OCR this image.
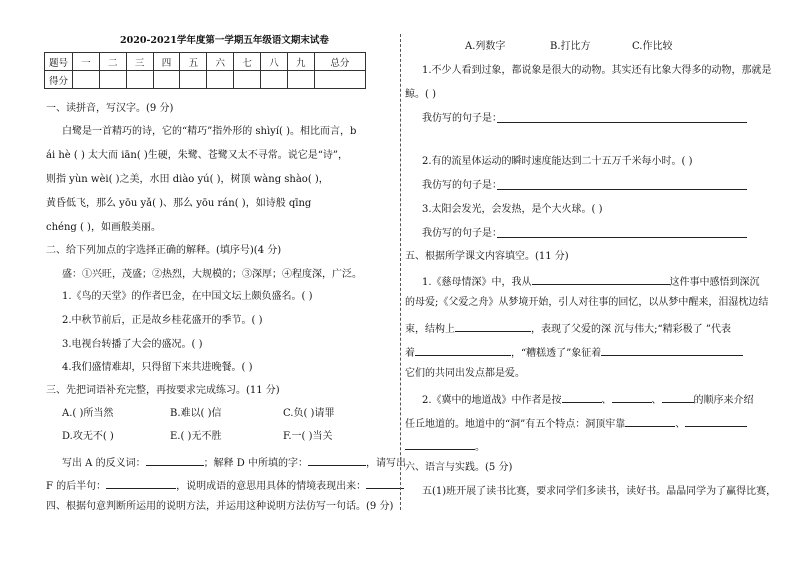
2020-2021学年度第一学期五年级语文期末试卷
题号	一	二	三	四	五	六	七	八	九	总分
得分										
一、读拼音，写汉字。(9 分)
白鹭是一首精巧的诗，它的“精巧”指外形的 shìyí( )。相比而言，b
ái hè ( ) 太大而 iān( )生硬，朱鹭、苍鹭又太不寻常。说它是“诗”，
则指 yùn wèi( )之美，水田 diào yú( )，树顶 wàng shào( )，
黄昏低飞，那么 yōu yǎ( )、那么 yōu rán( )，如诗般 qīng
chéng ( )，如画般美丽。
二、给下列加点的字选择正确的解释。(填序号)(4 分)
盛：①兴旺，茂盛；②热烈，大规模的；③深厚；④程度深，广泛。
1.《鸟的天堂》的作者巴金，在中国文坛上颇负盛名。( )
2.中秋节前后，正是故乡桂花盛开的季节。( )
3.电视台转播了大会的盛况。( )
4.我们盛情难却，只得留下来共进晚餐。( )
三、先把词语补充完整，再按要求完成练习。(11 分)
A.( )所当然	B.难以( )信	C.负( )请罪
D.攻无不( )	E.( )无不胜	F.一( )当关
写出 A 的反义词：	；解释 D 中所填的字：	，请写出
F 的后半句：	，说明成语的意思用具体的情境表现出来：
四、根据句意判断所运用的说明方法，并运用这种说明方法仿写一句话。(9 分)
A.列数字	B.打比方	C.作比较
1.不少人看到过象，都说象是很大的动物。其实还有比象大得多的动物，那就是
鲸。( )
我仿写的句子是：
2.有的流星体运动的瞬时速度能达到二十五万千米每小时。( )
我仿写的句子是：
3.太阳会发光，会发热，是个大火球。( )
我仿写的句子是：
五、根据所学课文内容填空。(11 分)
1.《慈母情深》中，我从	这件事中感悟到深沉
的母爱;《父爱之舟》从梦境开始，引人对往事的回忆，以从梦中醒来，泪湿枕边结
束，结构上	，表现了父爱的深 沉与伟大;“精彩极了 ”代表
着	，“糟糕透了”象征着
它们的共同出发点都是爱。
2.《冀中的地道战》中作者是按	、	、	的顺序来介绍
任丘地道的。地道中的“洞”有五个特点：洞顶牢靠	、
。
六、语言与实践。(5 分)
五(1)班开展了读书比赛，要求同学们多读书，读好书。晶晶同学为了赢得比赛，
